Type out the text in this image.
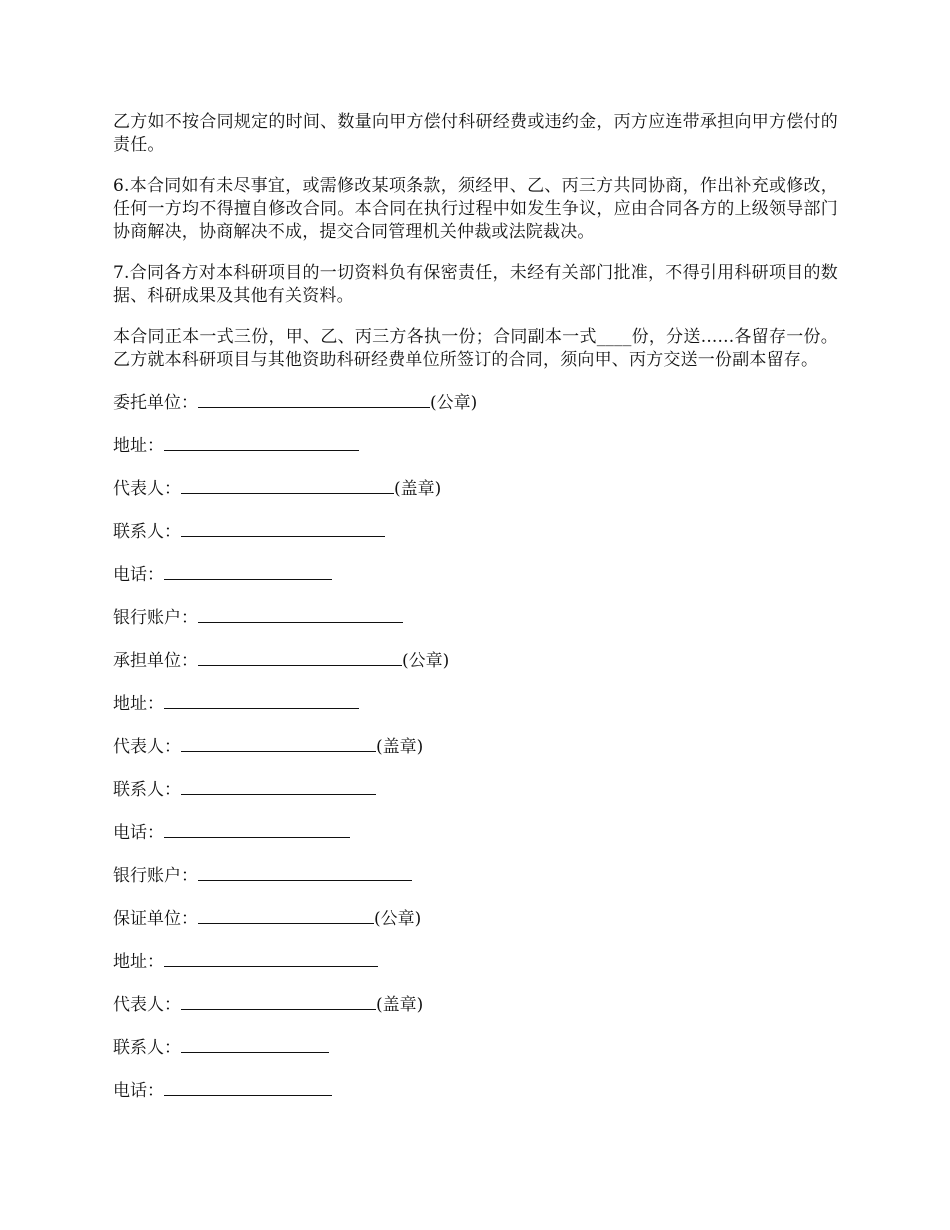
乙方如不按合同规定的时间、数量向甲方偿付科研经费或违约金，丙方应连带承担向甲方偿付的责任。

6.本合同如有未尽事宜，或需修改某项条款，须经甲、乙、丙三方共同协商，作出补充或修改，任何一方均不得擅自修改合同。本合同在执行过程中如发生争议，应由合同各方的上级领导部门协商解决，协商解决不成，提交合同管理机关仲裁或法院裁决。

7.合同各方对本科研项目的一切资料负有保密责任，未经有关部门批准，不得引用科研项目的数据、科研成果及其他有关资料。

本合同正本一式三份，甲、乙、丙三方各执一份；合同副本一式____份，分送......各留存一份。乙方就本科研项目与其他资助科研经费单位所签订的合同，须向甲、丙方交送一份副本留存。

委托单位：	(公章)
地址：
代表人：	(盖章)
联系人：
电话：
银行账户：
承担单位：	(公章)
地址：
代表人：	(盖章)
联系人：
电话：
银行账户：
保证单位：	(公章)
地址：
代表人：	(盖章)
联系人：
电话：
